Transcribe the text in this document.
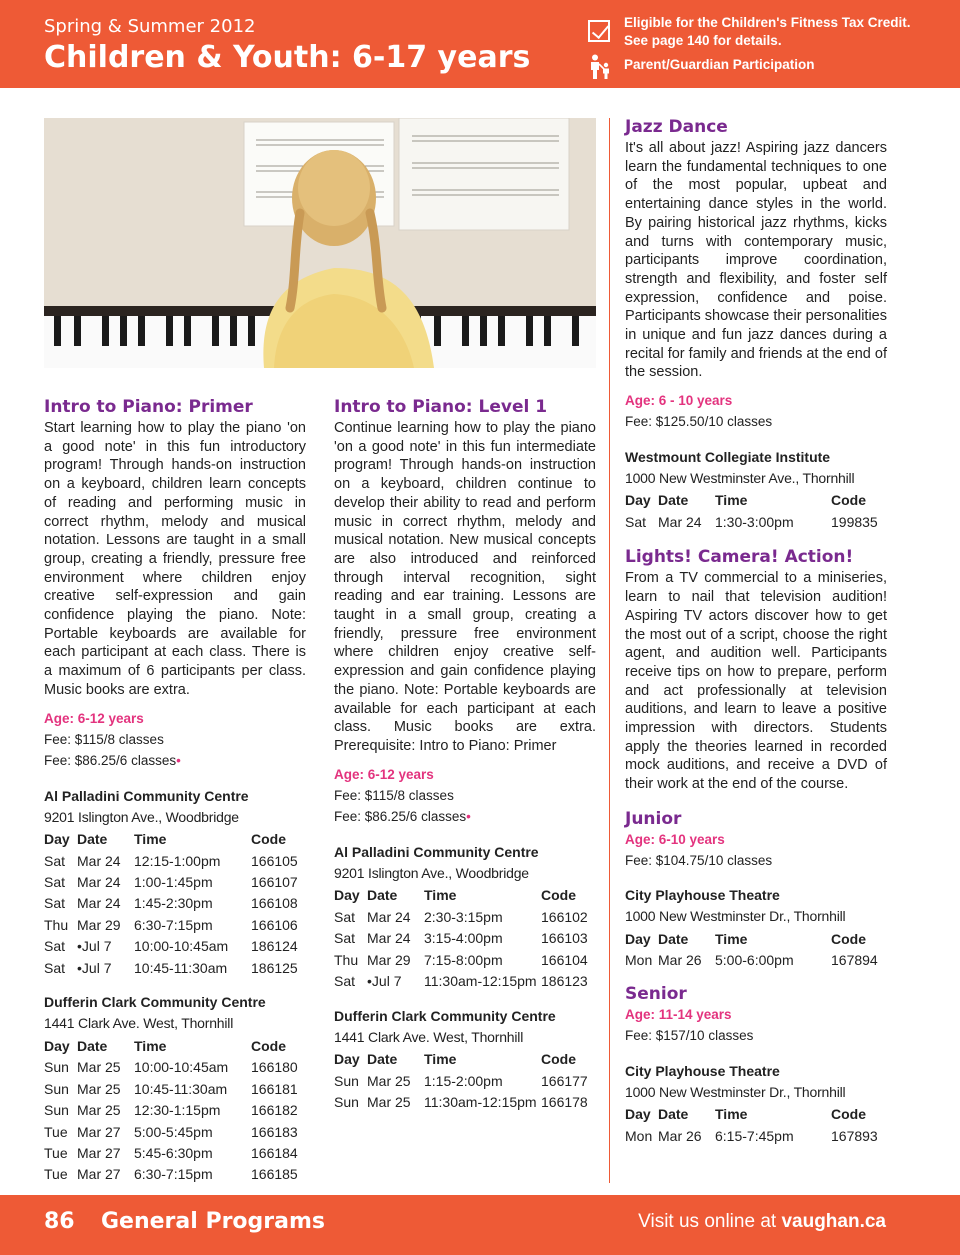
Spring & Summer 2012
Children & Youth: 6-17 years
Eligible for the Children's Fitness Tax Credit. See page 140 for details.
Parent/Guardian Participation
Intro to Piano: Primer
Start learning how to play the piano 'on a good note' in this fun introductory program! Through hands-on instruction on a keyboard, children learn concepts of reading and performing music in correct rhythm, melody and musical notation. Lessons are taught in a small group, creating a friendly, pressure free environment where children enjoy creative self-expression and gain confidence playing the piano. Note: Portable keyboards are available for each participant at each class. There is a maximum of 6 participants per class. Music books are extra.
Age: 6-12 years
Fee: $115/8 classes
Fee: $86.25/6 classes•
Al Palladini Community Centre
9201 Islington Ave., Woodbridge
Day	Date	Time	Code
Sat	Mar 24	12:15-1:00pm	166105
Sat	Mar 24	1:00-1:45pm	166107
Sat	Mar 24	1:45-2:30pm	166108
Thu	Mar 29	6:30-7:15pm	166106
Sat	•Jul 7	10:00-10:45am	186124
Sat	•Jul 7	10:45-11:30am	186125
Dufferin Clark Community Centre
1441 Clark Ave. West, Thornhill
Day	Date	Time	Code
Sun	Mar 25	10:00-10:45am	166180
Sun	Mar 25	10:45-11:30am	166181
Sun	Mar 25	12:30-1:15pm	166182
Tue	Mar 27	5:00-5:45pm	166183
Tue	Mar 27	5:45-6:30pm	166184
Tue	Mar 27	6:30-7:15pm	166185
Intro to Piano: Level 1
Continue learning how to play the piano 'on a good note' in this fun intermediate program! Through hands-on instruction on a keyboard, children continue to develop their ability to read and perform music in correct rhythm, melody and musical notation. New musical concepts are also introduced and reinforced through interval recognition, sight reading and ear training. Lessons are taught in a small group, creating a friendly, pressure free environment where children enjoy creative self-expression and gain confidence playing the piano. Note: Portable keyboards are available for each participant at each class. Music books are extra. Prerequisite: Intro to Piano: Primer
Age: 6-12 years
Fee: $115/8 classes
Fee: $86.25/6 classes•
Al Palladini Community Centre
9201 Islington Ave., Woodbridge
Day	Date	Time	Code
Sat	Mar 24	2:30-3:15pm	166102
Sat	Mar 24	3:15-4:00pm	166103
Thu	Mar 29	7:15-8:00pm	166104
Sat	•Jul 7	11:30am-12:15pm	186123
Dufferin Clark Community Centre
1441 Clark Ave. West, Thornhill
Day	Date	Time	Code
Sun	Mar 25	1:15-2:00pm	166177
Sun	Mar 25	11:30am-12:15pm	166178
Jazz Dance
It's all about jazz! Aspiring jazz dancers learn the fundamental techniques to one of the most popular, upbeat and entertaining dance styles in the world. By pairing historical jazz rhythms, kicks and turns with contemporary music, participants improve coordination, strength and flexibility, and foster self expression, confidence and poise. Participants showcase their personalities in unique and fun jazz dances during a recital for family and friends at the end of the session.
Age: 6 - 10 years
Fee: $125.50/10 classes
Westmount Collegiate Institute
1000 New Westminster Ave., Thornhill
Day	Date	Time	Code
Sat	Mar 24	1:30-3:00pm	199835
Lights! Camera! Action!
From a TV commercial to a miniseries, learn to nail that television audition! Aspiring TV actors discover how to get the most out of a script, choose the right agent, and audition well. Participants receive tips on how to prepare, perform and act professionally at television auditions, and learn to leave a positive impression with directors. Students apply the theories learned in recorded mock auditions, and receive a DVD of their work at the end of the course.
Junior
Age: 6-10 years
Fee: $104.75/10 classes
City Playhouse Theatre
1000 New Westminster Dr., Thornhill
Day	Date	Time	Code
Mon	Mar 26	5:00-6:00pm	167894
Senior
Age: 11-14 years
Fee: $157/10 classes
City Playhouse Theatre
1000 New Westminster Dr., Thornhill
Day	Date	Time	Code
Mon	Mar 26	6:15-7:45pm	167893
86 General Programs	Visit us online at vaughan.ca
